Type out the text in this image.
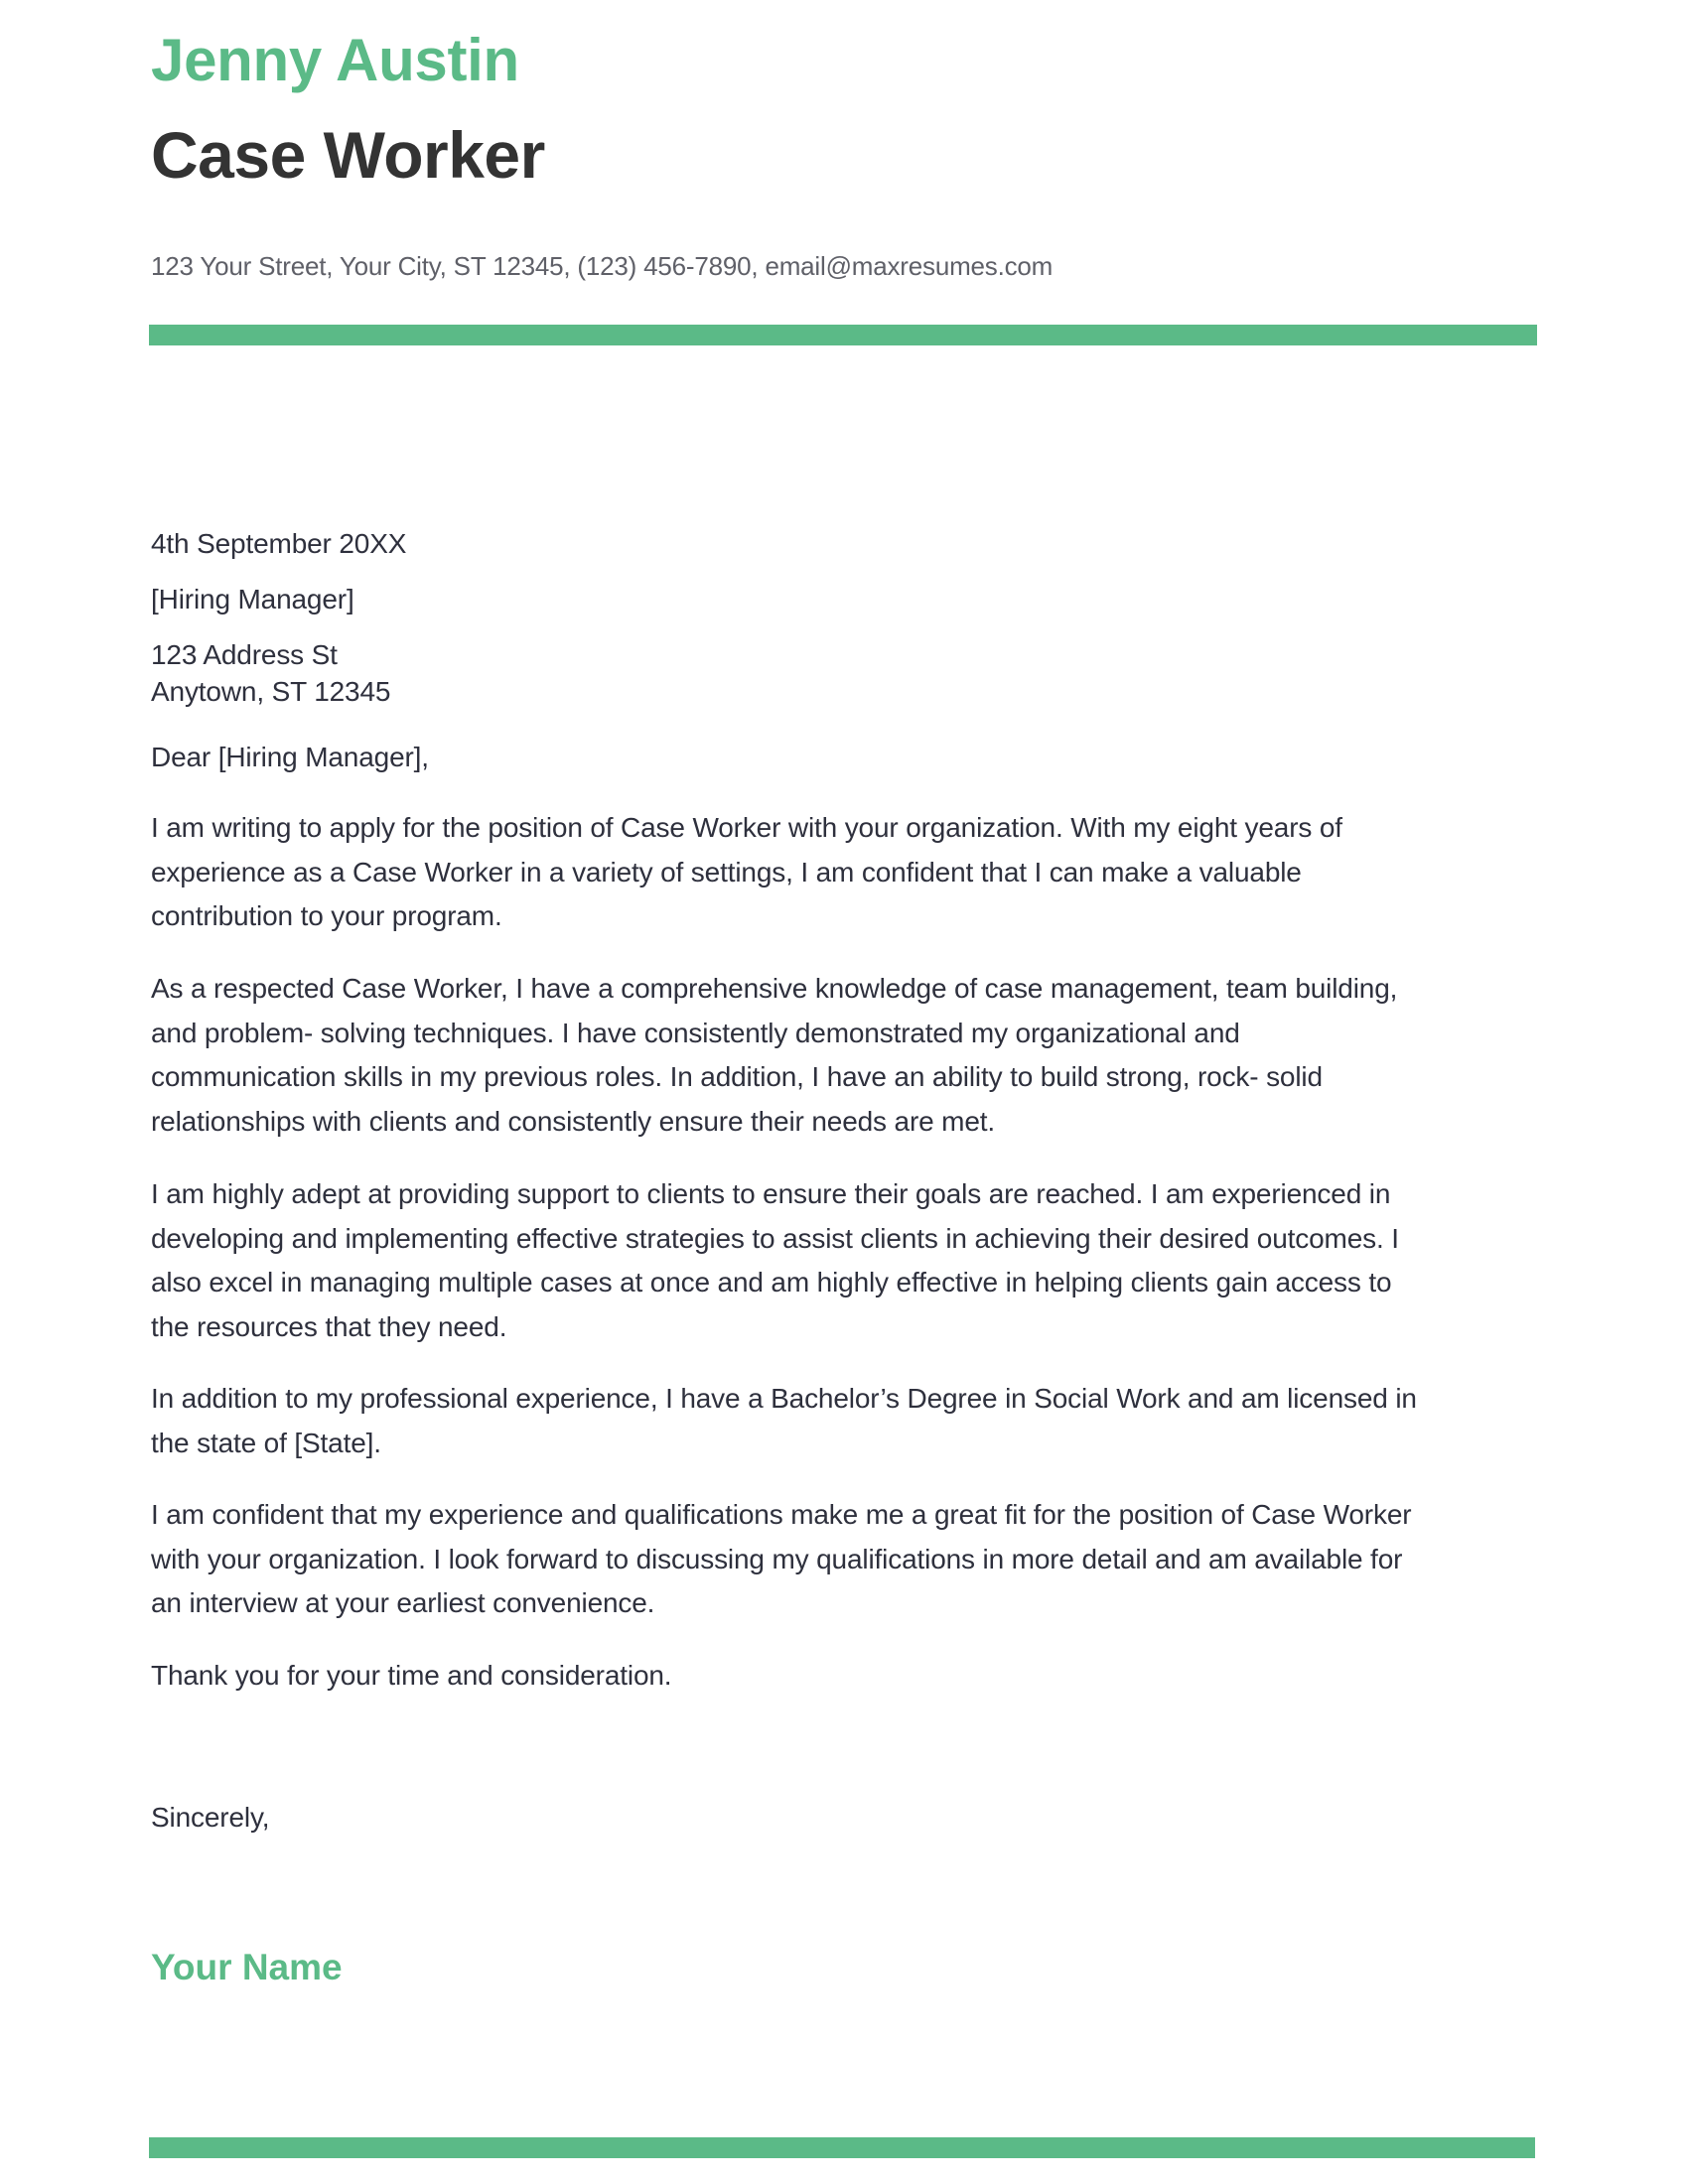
Jenny Austin
Case Worker
123 Your Street, Your City, ST 12345, (123) 456-7890, email@maxresumes.com
4th September 20XX
[Hiring Manager]
123 Address St
Anytown, ST 12345
Dear [Hiring Manager],
I am writing to apply for the position of Case Worker with your organization. With my eight years of
experience as a Case Worker in a variety of settings, I am confident that I can make a valuable
contribution to your program.
As a respected Case Worker, I have a comprehensive knowledge of case management, team building,
and problem- solving techniques. I have consistently demonstrated my organizational and
communication skills in my previous roles. In addition, I have an ability to build strong, rock- solid
relationships with clients and consistently ensure their needs are met.
I am highly adept at providing support to clients to ensure their goals are reached. I am experienced in
developing and implementing effective strategies to assist clients in achieving their desired outcomes. I
also excel in managing multiple cases at once and am highly effective in helping clients gain access to
the resources that they need.
In addition to my professional experience, I have a Bachelor’s Degree in Social Work and am licensed in
the state of [State].
I am confident that my experience and qualifications make me a great fit for the position of Case Worker
with your organization. I look forward to discussing my qualifications in more detail and am available for
an interview at your earliest convenience.
Thank you for your time and consideration.
Sincerely,
Your Name
